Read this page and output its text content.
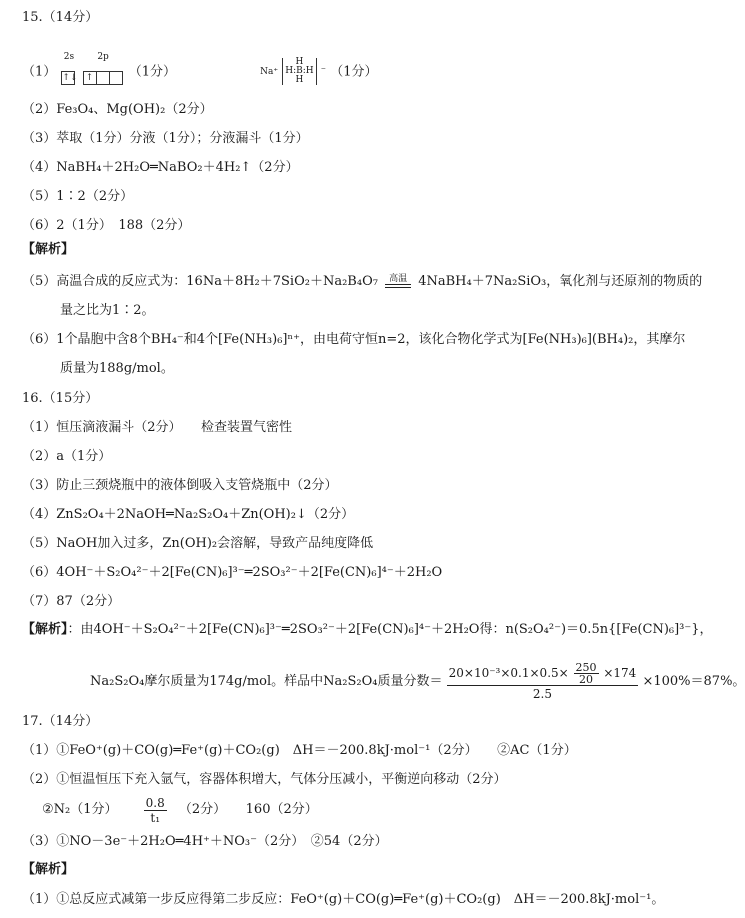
15.（14分）
（1）
2s
↑↓

2p
↑	（1分）	$^{Na^+}$
H
H:B:H
H
⁻ （1分）
（2）Fe₃O₄、Mg(OH)₂（2分）
（3）萃取（1分）分液（1分）；分液漏斗（1分）
（4）NaBH₄＋2H₂O═NaBO₂＋4H₂↑（2分）
（5）1∶2（2分）
（6）2（1分）　188（2分）
【解析】
（5）高温合成的反应式为：16Na＋8H₂＋7SiO₂＋Na₂B₄O₇	高温 4NaBH₄＋7Na₂SiO₃，氧化剂与还原剂的物质的
量之比为1∶2。
（6）1个晶胞中含8个BH₄⁻和4个[Fe(NH₃)₆]ⁿ⁺，由电荷守恒n=2，该化合物化学式为[Fe(NH₃)₆](BH₄)₂，其摩尔
质量为188g/mol。
16.（15分）
（1）恒压滴液漏斗（2分）　　检查装置气密性
（2）a（1分）
（3）防止三颈烧瓶中的液体倒吸入支管烧瓶中（2分）
（4）ZnS₂O₄＋2NaOH═Na₂S₂O₄＋Zn(OH)₂↓（2分）
（5）NaOH加入过多，Zn(OH)₂会溶解，导致产品纯度降低
（6）4OH⁻＋S₂O₄²⁻＋2[Fe(CN)₆]³⁻═2SO₃²⁻＋2[Fe(CN)₆]⁴⁻＋2H₂O
（7）87（2分）
【解析】：由4OH⁻＋S₂O₄²⁻＋2[Fe(CN)₆]³⁻═2SO₃²⁻＋2[Fe(CN)₆]⁴⁻＋2H₂O得：n(S₂O₄²⁻)＝0.5n{[Fe(CN)₆]³⁻}，
Na₂S₂O₄摩尔质量为174g/mol。样品中Na₂S₂O₄质量分数＝
$20\times 10^{-3}\times 0.1\times 0.5\times \frac{250}{20} \times 174$
2.5
×100%＝87%。
17.（14分）
（1）①FeO⁺(g)＋CO(g)═Fe⁺(g)＋CO₂(g)　ΔH＝－200.8kJ·mol⁻¹（2分）　　②AC（1分）
（2）①恒温恒压下充入氩气，容器体积增大，气体分压减小，平衡逆向移动（2分）
②N₂（1分） $\frac{0.8}{\text{t₁}} (2$分）　　160（2分）
（3）①NO－3e⁻＋2H₂O═4H⁺＋NO₃⁻（2分）　②54（2分）
【解析】
（1）①总反应式减第一步反应得第二步反应：FeO⁺(g)＋CO(g)═Fe⁺(g)＋CO₂(g)　ΔH＝－200.8kJ·mol⁻¹。
